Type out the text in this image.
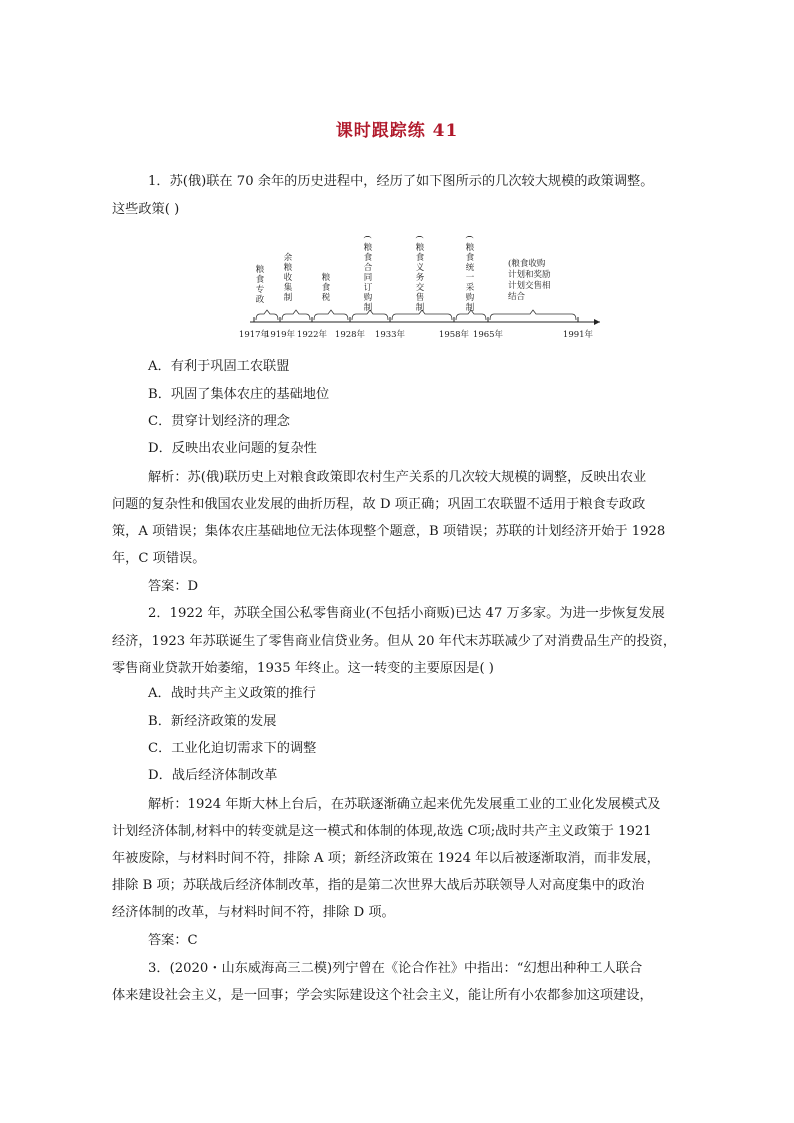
课时跟踪练 41
1．苏(俄)联在 70 余年的历史进程中，经历了如下图所示的几次较大规模的政策调整。
这些政策( )
1917年
1919年 1922年 1928年 1933年	1958年 1965年	1991年
粮
食
专
政
余
粮
收
集
制
粮
食
税
(
粮
食
合
同
订
购
制
(
粮
食
义
务
交
售
制
(
粮
食
统
一
采
购
制
(粮食收购
计划和奖励
计划交售相
结合
A．有利于巩固工农联盟
B．巩固了集体农庄的基础地位
C．贯穿计划经济的理念
D．反映出农业问题的复杂性
解析：苏(俄)联历史上对粮食政策即农村生产关系的几次较大规模的调整，反映出农业
问题的复杂性和俄国农业发展的曲折历程，故 D 项正确；巩固工农联盟不适用于粮食专政政
策，A 项错误；集体农庄基础地位无法体现整个题意，B 项错误；苏联的计划经济开始于 1928
年，C 项错误。
答案：D
2．1922 年，苏联全国公私零售商业(不包括小商贩)已达 47 万多家。为进一步恢复发展
经济，1923 年苏联诞生了零售商业信贷业务。但从 20 年代末苏联减少了对消费品生产的投资，
零售商业贷款开始萎缩，1935 年终止。这一转变的主要原因是( )
A．战时共产主义政策的推行
B．新经济政策的发展
C．工业化迫切需求下的调整
D．战后经济体制改革
解析：1924 年斯大林上台后，在苏联逐渐确立起来优先发展重工业的工业化发展模式及
计划经济体制,材料中的转变就是这一模式和体制的体现,故选 C项;战时共产主义政策于 1921
年被废除，与材料时间不符，排除 A 项；新经济政策在 1924 年以后被逐渐取消，而非发展，
排除 B 项；苏联战后经济体制改革，指的是第二次世界大战后苏联领导人对高度集中的政治
经济体制的改革，与材料时间不符，排除 D 项。
答案：C
3．(2020・山东威海高三二模)列宁曾在《论合作社》中指出：“幻想出种种工人联合
体来建设社会主义，是一回事；学会实际建设这个社会主义，能让所有小农都参加这项建设，
